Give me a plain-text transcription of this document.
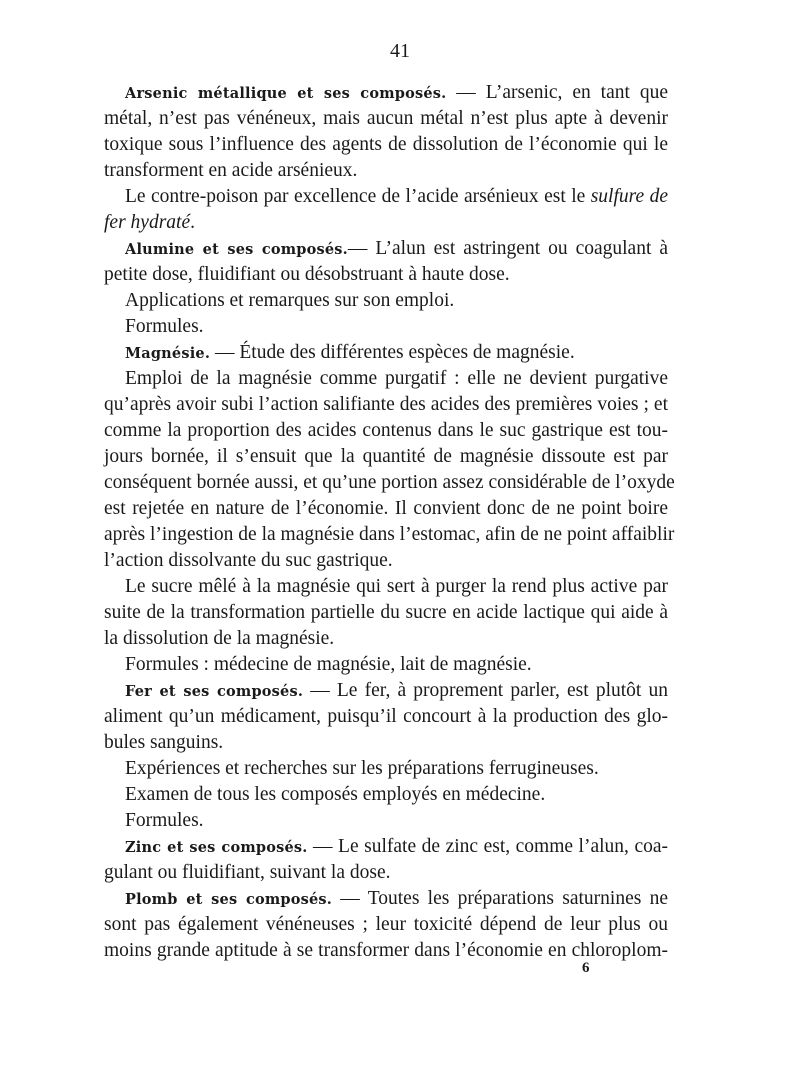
41
Arsenic métallique et ses composés. — L’arsenic, en tant que
métal, n’est pas vénéneux, mais aucun métal n’est plus apte à devenir
toxique sous l’influence des agents de dissolution de l’économie qui le
transforment en acide arsénieux.
Le contre-poison par excellence de l’acide arsénieux est le sulfure de
fer hydraté.
Alumine et ses composés.— L’alun est astringent ou coagulant à
petite dose, fluidifiant ou désobstruant à haute dose.
Applications et remarques sur son emploi.
Formules.
Magnésie. — Étude des différentes espèces de magnésie.
Emploi de la magnésie comme purgatif : elle ne devient purgative
qu’après avoir subi l’action salifiante des acides des premières voies ; et
comme la proportion des acides contenus dans le suc gastrique est tou-
jours bornée, il s’ensuit que la quantité de magnésie dissoute est par
conséquent bornée aussi, et qu’une portion assez considérable de l’oxyde
est rejetée en nature de l’économie. Il convient donc de ne point boire
après l’ingestion de la magnésie dans l’estomac, afin de ne point affaiblir
l’action dissolvante du suc gastrique.
Le sucre mêlé à la magnésie qui sert à purger la rend plus active par
suite de la transformation partielle du sucre en acide lactique qui aide à
la dissolution de la magnésie.
Formules : médecine de magnésie, lait de magnésie.
Fer et ses composés. — Le fer, à proprement parler, est plutôt un
aliment qu’un médicament, puisqu’il concourt à la production des glo-
bules sanguins.
Expériences et recherches sur les préparations ferrugineuses.
Examen de tous les composés employés en médecine.
Formules.
Zinc et ses composés. — Le sulfate de zinc est, comme l’alun, coa-
gulant ou fluidifiant, suivant la dose.
Plomb et ses composés. — Toutes les préparations saturnines ne
sont pas également vénéneuses ; leur toxicité dépend de leur plus ou
moins grande aptitude à se transformer dans l’économie en chloroplom-
6
